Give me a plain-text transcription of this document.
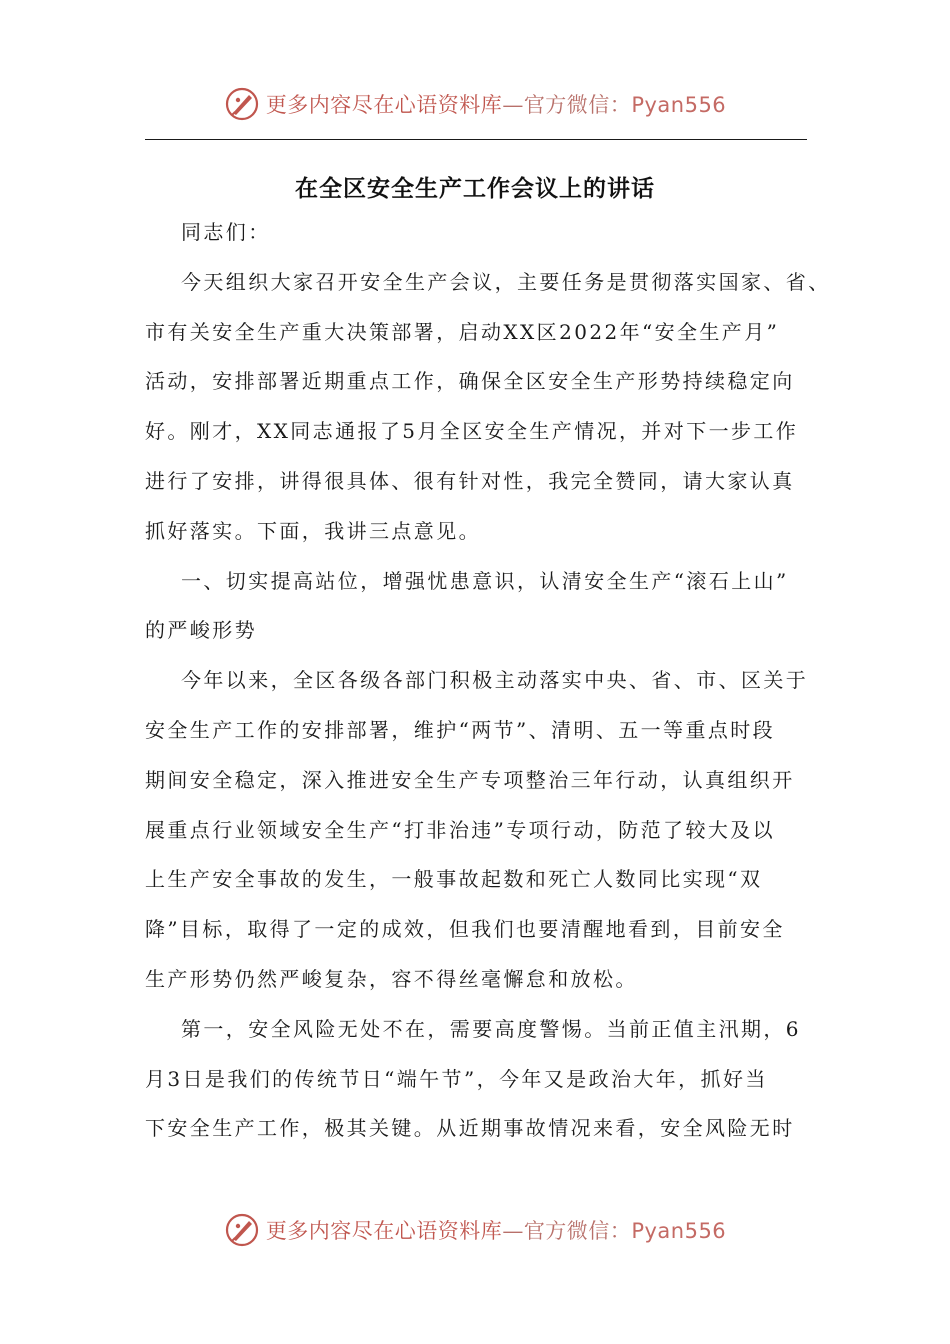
更多内容尽在心语资料库—官方微信：Pyan556
在全区安全生产工作会议上的讲话
同志们：
今天组织大家召开安全生产会议，主要任务是贯彻落实国家、省、
市有关安全生产重大决策部署，启动XX区2022年“安全生产月”
活动，安排部署近期重点工作，确保全区安全生产形势持续稳定向
好。刚才，XX同志通报了5月全区安全生产情况，并对下一步工作
进行了安排，讲得很具体、很有针对性，我完全赞同，请大家认真
抓好落实。下面，我讲三点意见。
一、切实提高站位，增强忧患意识，认清安全生产“滚石上山”
的严峻形势
今年以来，全区各级各部门积极主动落实中央、省、市、区关于
安全生产工作的安排部署，维护“两节”、清明、五一等重点时段
期间安全稳定，深入推进安全生产专项整治三年行动，认真组织开
展重点行业领域安全生产“打非治违”专项行动，防范了较大及以
上生产安全事故的发生，一般事故起数和死亡人数同比实现“双
降”目标，取得了一定的成效，但我们也要清醒地看到，目前安全
生产形势仍然严峻复杂，容不得丝毫懈怠和放松。
第一，安全风险无处不在，需要高度警惕。当前正值主汛期，6
月3日是我们的传统节日“端午节”，今年又是政治大年，抓好当
下安全生产工作，极其关键。从近期事故情况来看，安全风险无时
更多内容尽在心语资料库—官方微信：Pyan556
